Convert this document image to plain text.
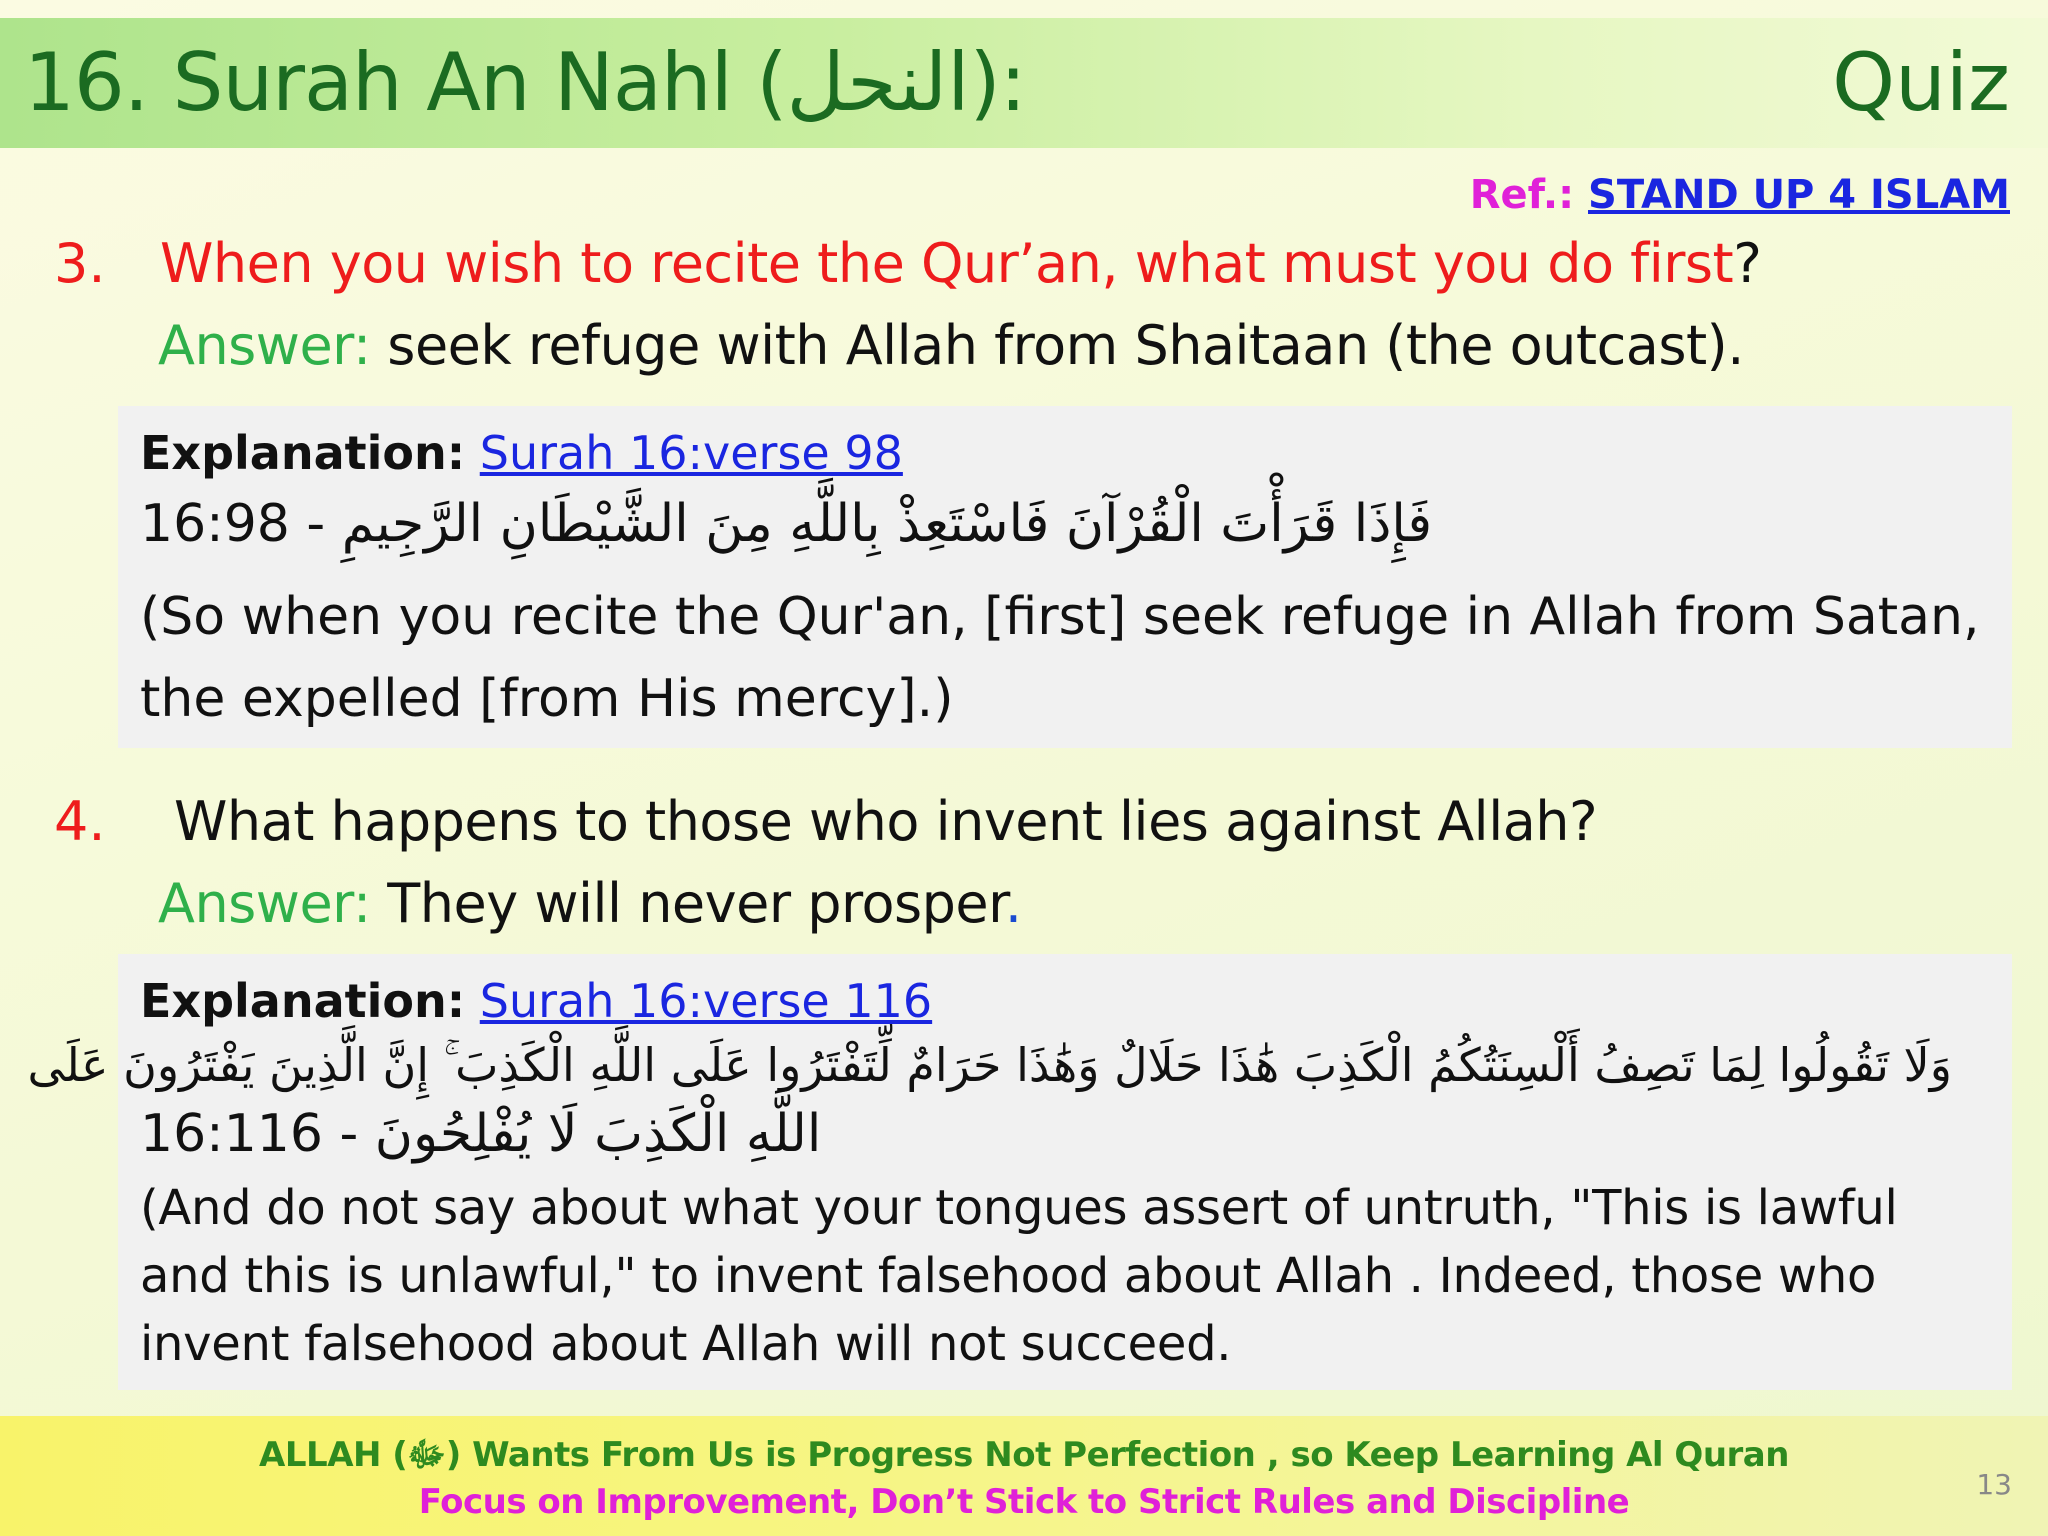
16. Surah An Nahl (النحل):	Quiz
Ref.: STAND UP 4 ISLAM
3. When you wish to recite the Qur’an, what must you do first?
Answer: seek refuge with Allah from Shaitaan (the outcast).
Explanation: Surah 16:verse 98
16:98 - فَإِذَا قَرَأْتَ الْقُرْآنَ فَاسْتَعِذْ بِاللَّهِ مِنَ الشَّيْطَانِ الرَّجِيمِ
(So when you recite the Qur'an, [first] seek refuge in Allah from Satan, the expelled [from His mercy].)
4. What happens to those who invent lies against Allah?
Answer: They will never prosper.
Explanation: Surah 16:verse 116
وَلَا تَقُولُوا لِمَا تَصِفُ أَلْسِنَتُكُمُ الْكَذِبَ هَٰذَا حَلَالٌ وَهَٰذَا حَرَامٌ لِّتَفْتَرُوا عَلَى اللَّهِ الْكَذِبَ ۚ إِنَّ الَّذِينَ يَفْتَرُونَ عَلَى
16:116 - اللَّهِ الْكَذِبَ لَا يُفْلِحُونَ
(And do not say about what your tongues assert of untruth, "This is lawful and this is unlawful," to invent falsehood about Allah . Indeed, those who invent falsehood about Allah will not succeed.
ALLAH (ﷻ) Wants From Us is Progress Not Perfection , so Keep Learning Al Quran
Focus on Improvement, Don’t Stick to Strict Rules and Discipline	13
